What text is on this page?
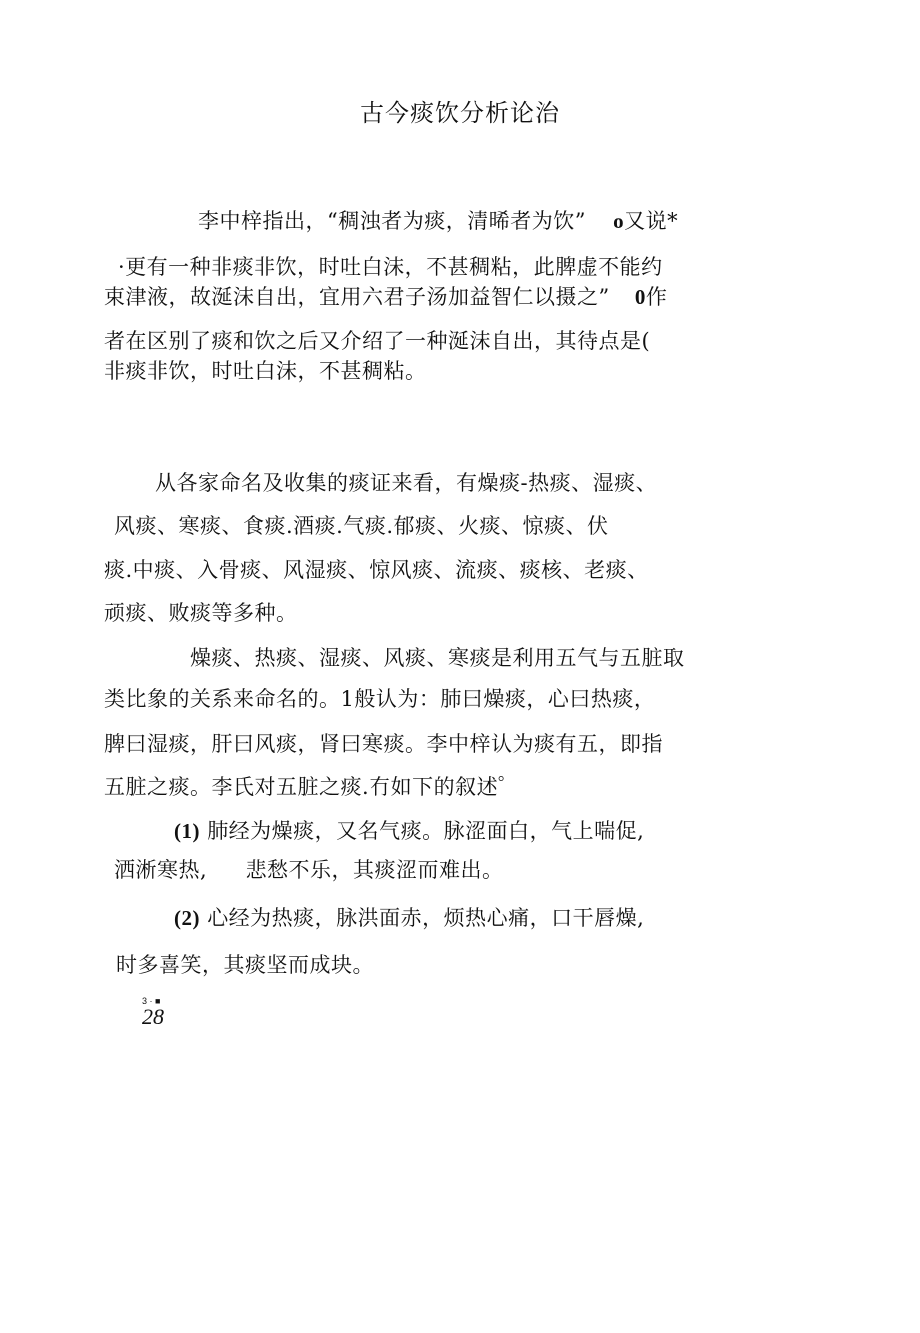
古今痰饮分析论治
李中梓指出，“稠浊者为痰，清晞者为饮” o又说*
·更有一种非痰非饮，时吐白沫，不甚稠粘，此脾虚不能约
束津液，故涎沫自出，宜用六君子汤加益智仁以摄之” 0作
者在区别了痰和饮之后又介绍了一种涎沫自出，其待点是(
非痰非饮，时吐白沫，不甚稠粘。
从各家命名及收集的痰证来看，有燥痰-热痰、湿痰、
风痰、寒痰、食痰.酒痰.气痰.郁痰、火痰、惊痰、伏
痰.中痰、入骨痰、风湿痰、惊风痰、流痰、痰核、老痰、
顽痰、败痰等多种。
燥痰、热痰、湿痰、风痰、寒痰是利用五气与五脏取
类比象的关系来命名的。1般认为：肺曰燥痰，心曰热痰，
脾曰湿痰，肝曰风痰，肾曰寒痰。李中梓认为痰有五，即指
五脏之痰。李氏对五脏之痰.冇如下的叙述゜
(1) 肺经为燥痰，又名气痰。脉涩面白，气上喘促,
洒淅寒热, 悲愁不乐，其痰涩而难出。
(2) 心经为热痰，脉洪面赤，烦热心痛，口干唇燥,
时多喜笑，其痰坚而成块。
3 · ■
28
